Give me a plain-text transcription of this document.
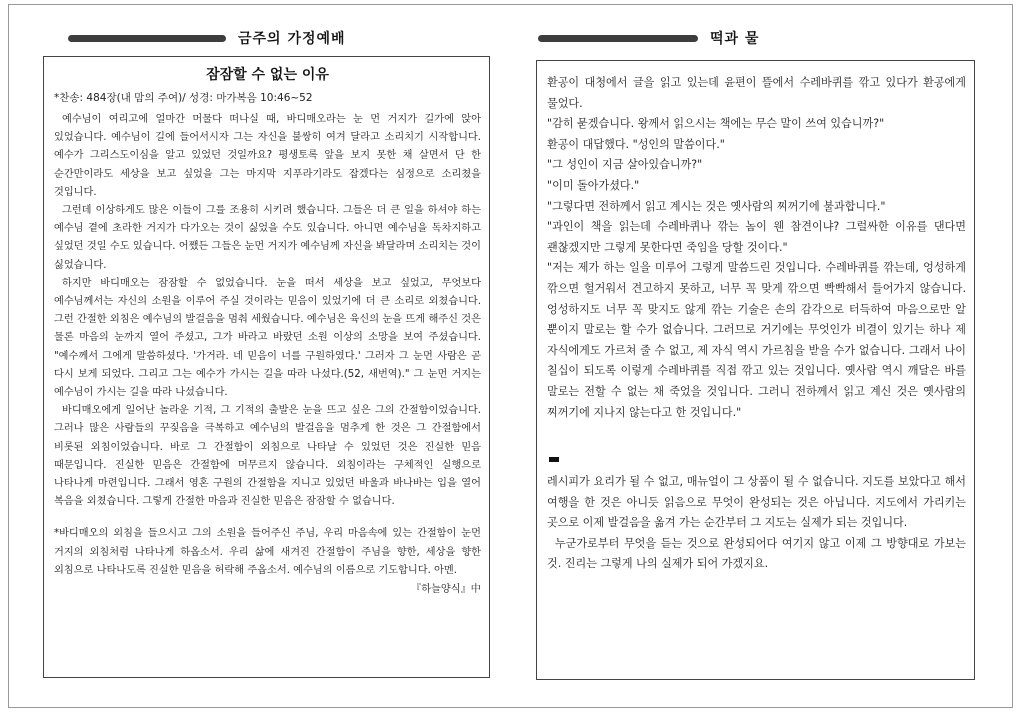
금주의 가정예배	떡과 물
잠잠할 수 없는 이유
*찬송: 484장(내 맘의 주여)/ 성경: 마가복음 10:46~52

예수님이 여리고에 얼마간 머물다 떠나실 때, 바디매오라는 눈 먼 거지가 길가에 앉아 있었습니다. 예수님이 길에 들어서시자 그는 자신을 불쌍히 여겨 달라고 소리치기 시작합니다. 예수가 그리스도이심을 알고 있었던 것일까요? 평생토록 앞을 보지 못한 채 살면서 단 한 순간만이라도 세상을 보고 싶었을 그는 마지막 지푸라기라도 잡겠다는 심정으로 소리쳤을 것입니다.

그런데 이상하게도 많은 이들이 그를 조용히 시키려 했습니다. 그들은 더 큰 일을 하셔야 하는 예수님 곁에 초라한 거지가 다가오는 것이 싫었을 수도 있습니다. 아니면 예수님을 독차지하고 싶었던 것일 수도 있습니다. 어쨌든 그들은 눈먼 거지가 예수님께 자신을 봐달라며 소리치는 것이 싫었습니다.

하지만 바디매오는 잠잠할 수 없었습니다. 눈을 떠서 세상을 보고 싶었고, 무엇보다 예수님께서는 자신의 소원을 이루어 주실 것이라는 믿음이 있었기에 더 큰 소리로 외쳤습니다. 그런 간절한 외침은 예수님의 발걸음을 멈춰 세웠습니다. 예수님은 육신의 눈을 뜨게 해주신 것은 물론 마음의 눈까지 열어 주셨고, 그가 바라고 바랐던 소원 이상의 소망을 보여 주셨습니다. "예수께서 그에게 말씀하셨다. '가거라. 네 믿음이 너를 구원하였다.' 그러자 그 눈먼 사람은 곧 다시 보게 되었다. 그리고 그는 예수가 가시는 길을 따라 나섰다.(52, 새번역)." 그 눈먼 거지는 예수님이 가시는 길을 따라 나섰습니다.

바디매오에게 일어난 놀라운 기적, 그 기적의 출발은 눈을 뜨고 싶은 그의 간절함이었습니다. 그러나 많은 사람들의 꾸짖음을 극복하고 예수님의 발걸음을 멈추게 한 것은 그 간절함에서 비롯된 외침이었습니다. 바로 그 간절함이 외침으로 나타날 수 있었던 것은 진실한 믿음 때문입니다. 진실한 믿음은 간절함에 머무르지 않습니다. 외침이라는 구체적인 실행으로 나타나게 마련입니다. 그래서 영혼 구원의 간절함을 지니고 있었던 바울과 바나바는 입을 열어 복음을 외쳤습니다. 그렇게 간절한 마음과 진실한 믿음은 잠잠할 수 없습니다.

*바디매오의 외침을 들으시고 그의 소원을 들어주신 주님, 우리 마음속에 있는 간절함이 눈먼 거지의 외침처럼 나타나게 하옵소서. 우리 삶에 새겨진 간절함이 주님을 향한, 세상을 향한 외침으로 나타나도록 진실한 믿음을 허락해 주옵소서. 예수님의 이름으로 기도합니다. 아멘.
『하늘양식』中

환공이 대청에서 글을 읽고 있는데 윤편이 뜰에서 수레바퀴를 깎고 있다가 환공에게 물었다.

"감히 묻겠습니다. 왕께서 읽으시는 책에는 무슨 말이 쓰여 있습니까?"

환공이 대답했다. "성인의 말씀이다."

"그 성인이 지금 살아있습니까?"

"이미 돌아가셨다."

"그렇다면 전하께서 읽고 계시는 것은 옛사람의 찌꺼기에 불과합니다."

"과인이 책을 읽는데 수레바퀴나 깎는 놈이 웬 참견이냐? 그럴싸한 이유를 댄다면 괜찮겠지만 그렇게 못한다면 죽임을 당할 것이다."

"저는 제가 하는 일을 미루어 그렇게 말씀드린 것입니다. 수레바퀴를 깎는데, 엉성하게 깎으면 헐거워서 견고하지 못하고, 너무 꼭 맞게 깎으면 빡빡해서 들어가지 않습니다. 엉성하지도 너무 꼭 맞지도 않게 깎는 기술은 손의 감각으로 터득하여 마음으로만 알 뿐이지 말로는 할 수가 없습니다. 그러므로 거기에는 무엇인가 비결이 있기는 하나 제 자식에게도 가르쳐 줄 수 없고, 제 자식 역시 가르침을 받을 수가 없습니다. 그래서 나이 칠십이 되도록 이렇게 수레바퀴를 직접 깎고 있는 것입니다. 옛사람 역시 깨달은 바를 말로는 전할 수 없는 채 죽었을 것입니다. 그러니 전하께서 읽고 계신 것은 옛사람의 찌꺼기에 지나지 않는다고 한 것입니다."

레시피가 요리가 될 수 없고, 매뉴얼이 그 상품이 될 수 없습니다. 지도를 보았다고 해서 여행을 한 것은 아니듯 읽음으로 무엇이 완성되는 것은 아닙니다. 지도에서 가리키는 곳으로 이제 발걸음을 옮겨 가는 순간부터 그 지도는 실제가 되는 것입니다.

누군가로부터 무엇을 듣는 것으로 완성되어다 여기지 않고 이제 그 방향대로 가보는 것. 진리는 그렇게 나의 실제가 되어 가겠지요.
